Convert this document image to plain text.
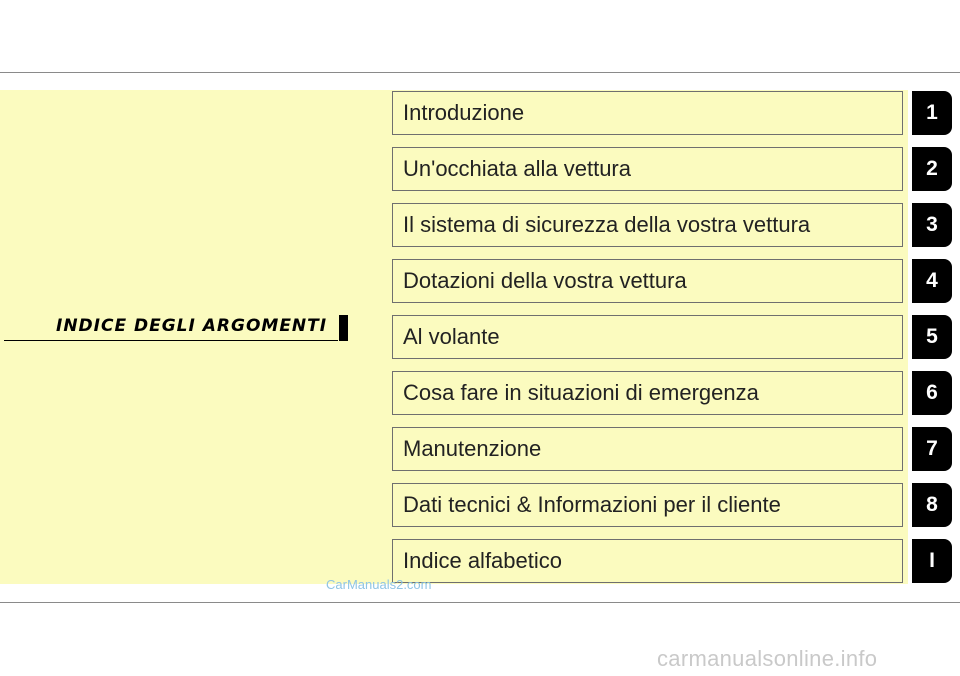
INDICE DEGLI ARGOMENTI
Introduzione	1
Un'occhiata alla vettura	2
Il sistema di sicurezza della vostra vettura	3
Dotazioni della vostra vettura	4
Al volante	5
Cosa fare in situazioni di emergenza	6
Manutenzione	7
Dati tecnici & Informazioni per il cliente	8
Indice alfabetico	I
CarManuals2.com
carmanualsonline.info
